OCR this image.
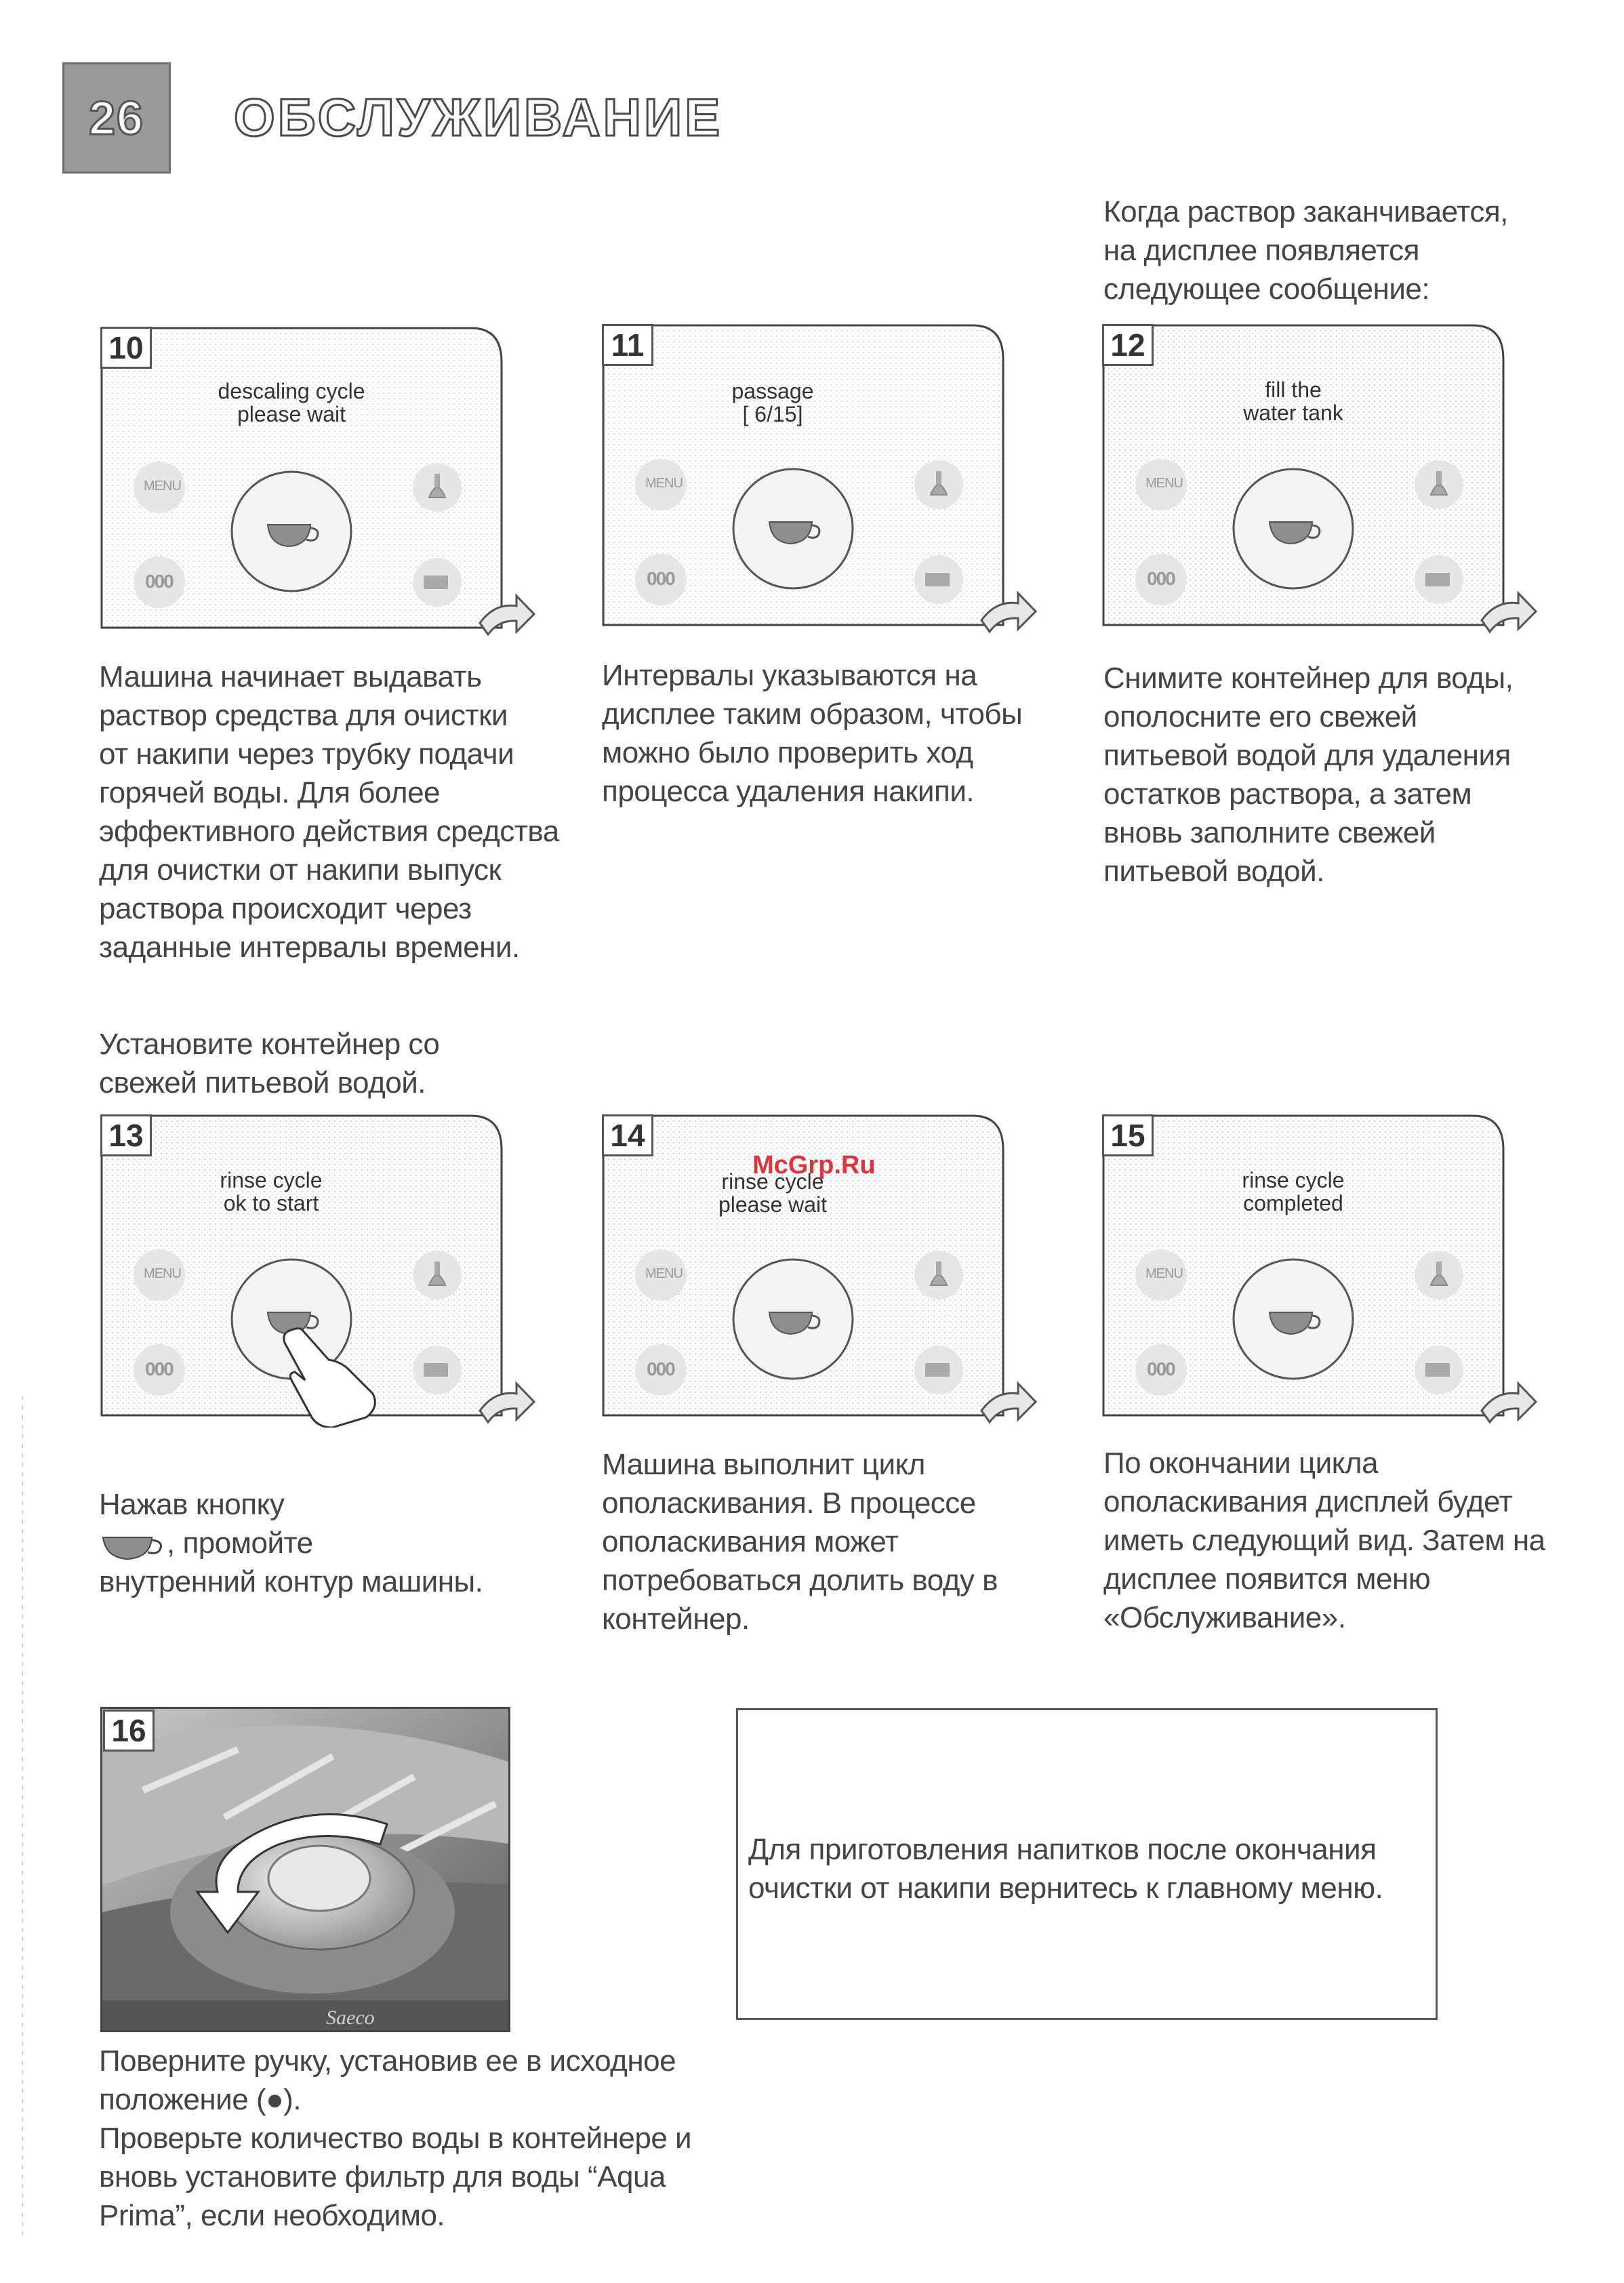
26	ОБСЛУЖИВАНИЕ
Когда раствор заканчивается,
на дисплее появляется
следующее сообщение:
10
descaling cycle
please wait
MENU
000
Машина начинает выдавать
раствор средства для очистки
от накипи через трубку подачи
горячей воды. Для более
эффективного действия средства
для очистки от накипи выпуск
раствора происходит через
заданные интервалы времени.
11
passage
[ 6/15]
MENU
000
Интервалы указываются на
дисплее таким образом, чтобы
можно было проверить ход
процесса удаления накипи.
12
fill the
water tank
MENU
000
Снимите контейнер для воды,
ополосните его свежей
питьевой водой для удаления
остатков раствора, а затем
вновь заполните свежей
питьевой водой.
Установите контейнер со
свежей питьевой водой.
13
rinse cycle
ok to start
MENU
000

Нажав кнопку
, промойте
внутренний контур машины.

14
rinse cycle
please wait
MENU
000
Машина выполнит цикл
ополаскивания. В процессе
ополаскивания может
потребоваться долить воду в
контейнер.
McGrp.Ru
15
rinse cycle
completed
MENU
000
По окончании цикла
ополаскивания дисплей будет
иметь следующий вид. Затем на
дисплее появится меню
«Обслуживание».
Saeco
16
Поверните ручку, установив ее в исходное
положение (●).
Проверьте количество воды в контейнере и
вновь установите фильтр для воды “Aqua
Prima”, если необходимо.
Для приготовления напитков после окончания
очистки от накипи вернитесь к главному меню.
